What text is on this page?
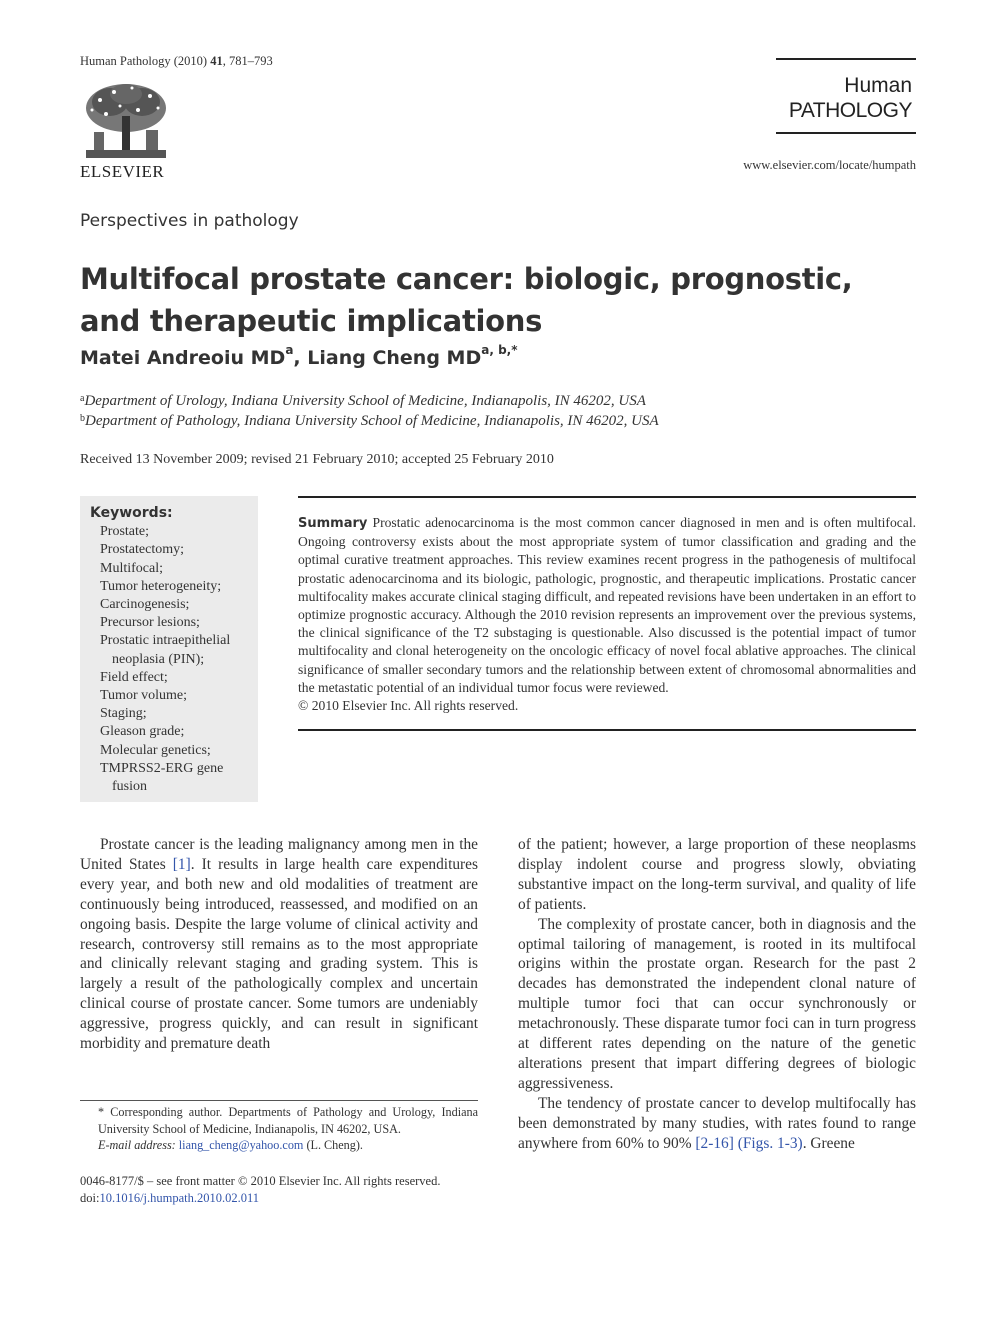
Human Pathology (2010) 41, 781–793
ELSEVIER
Human
PATHOLOGY
www.elsevier.com/locate/humpath
Perspectives in pathology
Multifocal prostate cancer: biologic, prognostic, and therapeutic implications
Matei Andreoiu $MD^a$, Liang Cheng $MD^{a, b,*}$
$^a$Department of Urology, Indiana University School of Medicine, Indianapolis, IN 46202, USA
$^b$Department of Pathology, Indiana University School of Medicine, Indianapolis, IN 46202, USA
Received 13 November 2009; revised 21 February 2010; accepted 25 February 2010
Keywords:
Prostate;
Prostatectomy;
Multifocal;
Tumor heterogeneity;
Carcinogenesis;
Precursor lesions;
Prostatic intraepithelial neoplasia (PIN);
Field effect;
Tumor volume;
Staging;
Gleason grade;
Molecular genetics;
TMPRSS2-ERG gene fusion
Summary Prostatic adenocarcinoma is the most common cancer diagnosed in men and is often multifocal. Ongoing controversy exists about the most appropriate system of tumor classification and grading and the optimal curative treatment approaches. This review examines recent progress in the pathogenesis of multifocal prostatic adenocarcinoma and its biologic, pathologic, prognostic, and therapeutic implications. Prostatic cancer multifocality makes accurate clinical staging difficult, and repeated revisions have been undertaken in an effort to optimize prognostic accuracy. Although the 2010 revision represents an improvement over the previous systems, the clinical significance of the T2 substaging is questionable. Also discussed is the potential impact of tumor multifocality and clonal heterogeneity on the oncologic efficacy of novel focal ablative approaches. The clinical significance of smaller secondary tumors and the relationship between extent of chromosomal abnormalities and the metastatic potential of an individual tumor focus were reviewed.
© 2010 Elsevier Inc. All rights reserved.

Prostate cancer is the leading malignancy among men in the United States [1]. It results in large health care expenditures every year, and both new and old modalities of treatment are continuously being introduced, reassessed, and modified on an ongoing basis. Despite the large volume of clinical activity and research, controversy still remains as to the most appropriate and clinically relevant staging and grading system. This is largely a result of the pathologically complex and uncertain clinical course of prostate cancer. Some tumors are undeniably aggressive, progress quickly, and can result in significant morbidity and premature death

of the patient; however, a large proportion of these neoplasms display indolent course and progress slowly, obviating substantive impact on the long-term survival, and quality of life of patients.

The complexity of prostate cancer, both in diagnosis and the optimal tailoring of management, is rooted in its multifocal origins within the prostate organ. Research for the past 2 decades has demonstrated the independent clonal nature of multiple tumor foci that can occur synchronously or metachronously. These disparate tumor foci can in turn progress at different rates depending on the nature of the genetic alterations present that impart differing degrees of biologic aggressiveness.

The tendency of prostate cancer to develop multifocally has been demonstrated by many studies, with rates found to range anywhere from 60% to 90% [2-16] (Figs. 1-3). Greene

* Corresponding author. Departments of Pathology and Urology, Indiana University School of Medicine, Indianapolis, IN 46202, USA.
E-mail address: liang_cheng@yahoo.com (L. Cheng).
0046-8177/$ – see front matter © 2010 Elsevier Inc. All rights reserved.
doi:10.1016/j.humpath.2010.02.011
